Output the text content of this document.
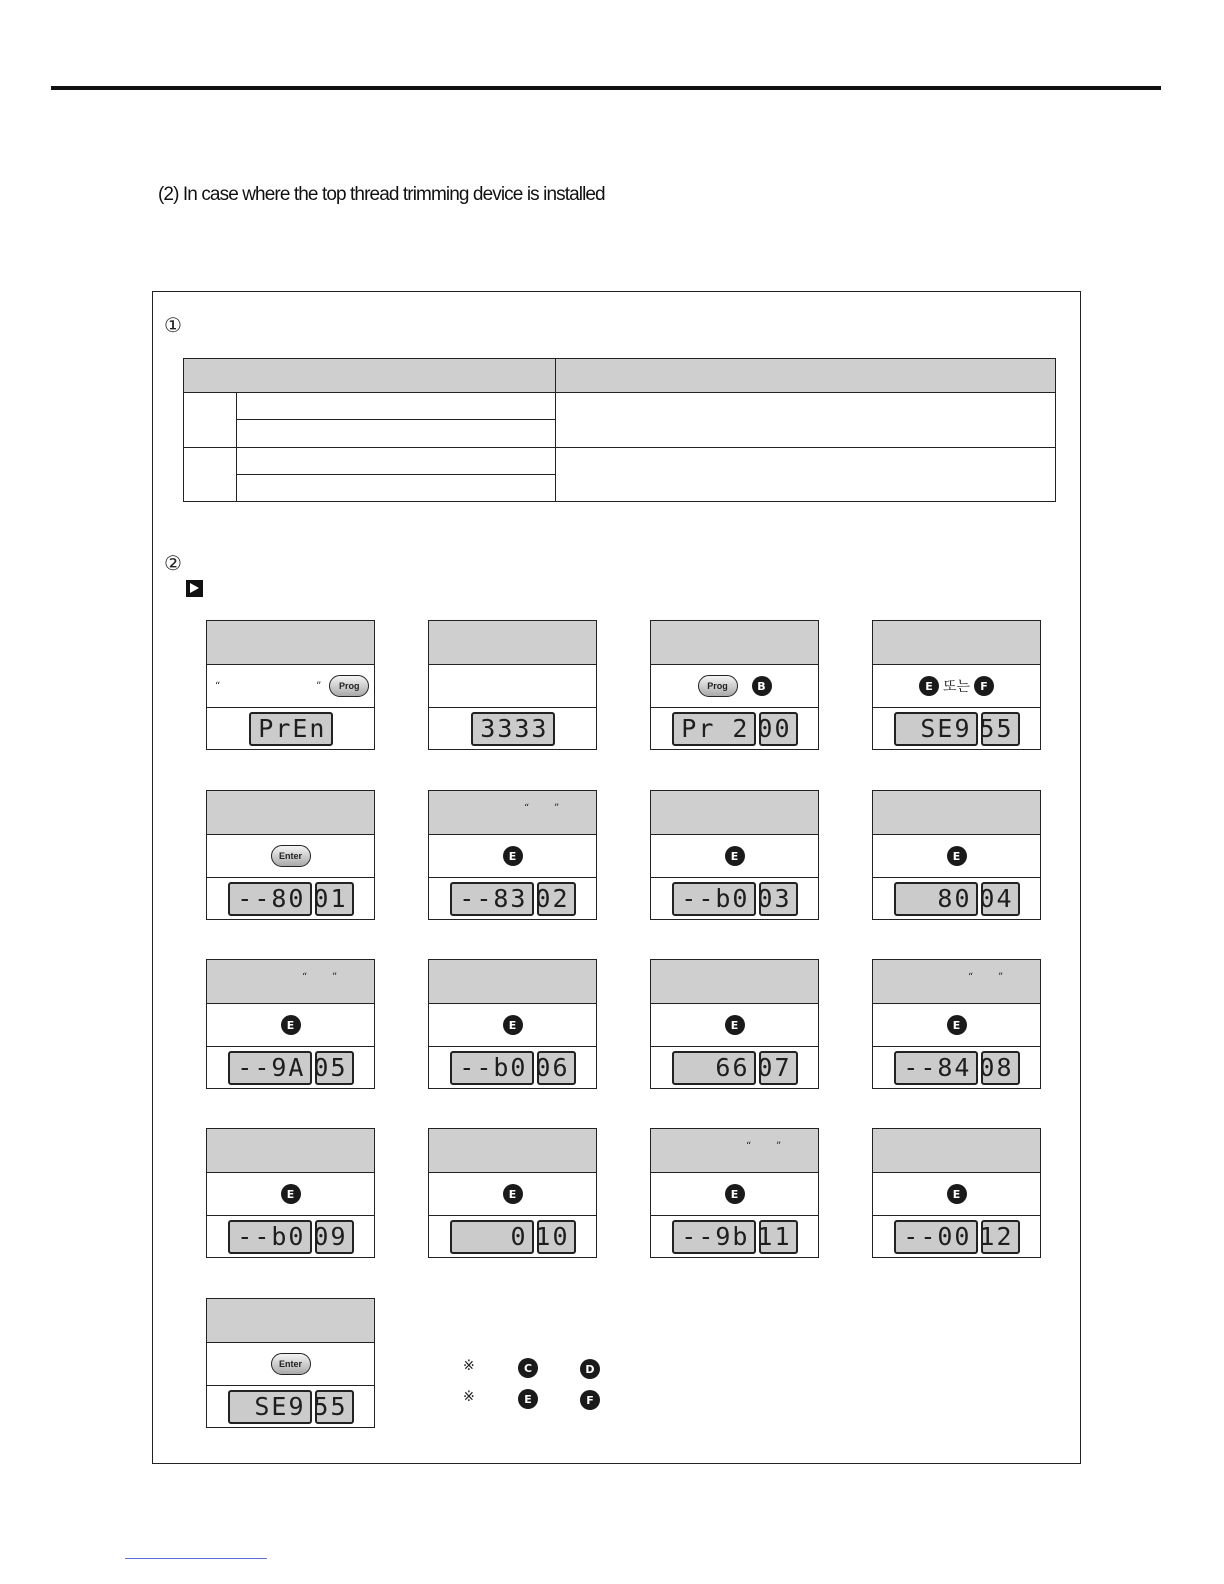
(2) In case where the top thread trimming device is installed
①
②
“	”	Prog
PrEn	3333
Prog	B
Pr 2 00
E 또는 F
SE9 55
Enter
--80 01
“ ”
E
--83 02
E
--b0 03
E
80 04
“ ”
E
--9A 05
E
--b0 06
E
66 07
“ ”
E
--84 08
E
--b0 09
E
0 10
“ ”
E
--9b 11
E
--00 12
Enter
SE9 55
※	C	D
※	E	F
